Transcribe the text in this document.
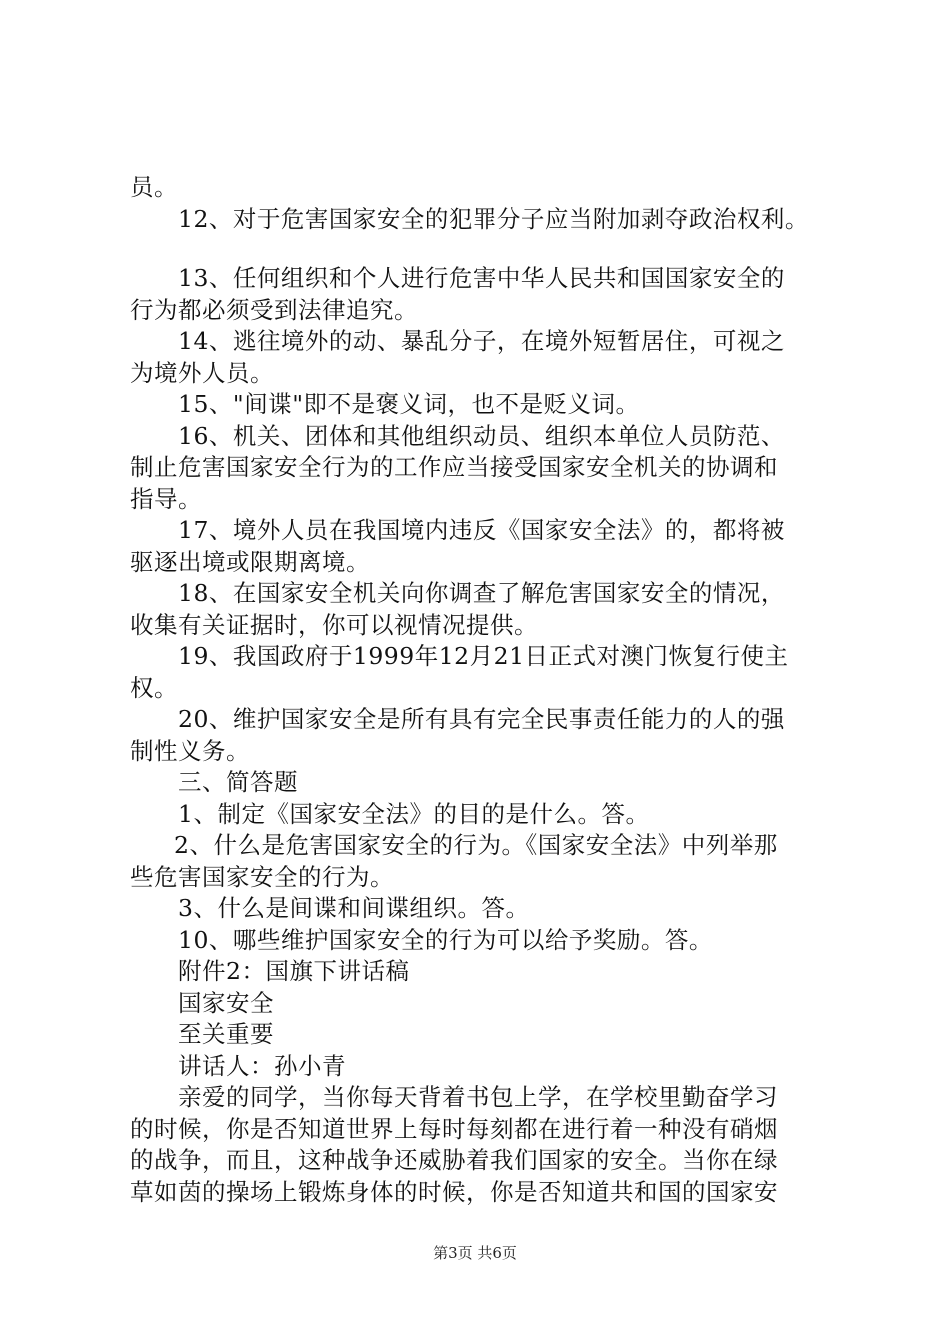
员。
12、对于危害国家安全的犯罪分子应当附加剥夺政治权利。
13、任何组织和个人进行危害中华人民共和国国家安全的
行为都必须受到法律追究。
14、逃往境外的动、暴乱分子，在境外短暂居住，可视之
为境外人员。
15、"间谍"即不是褒义词，也不是贬义词。
16、机关、团体和其他组织动员、组织本单位人员防范、
制止危害国家安全行为的工作应当接受国家安全机关的协调和
指导。
17、境外人员在我国境内违反《国家安全法》的，都将被
驱逐出境或限期离境。
18、在国家安全机关向你调查了解危害国家安全的情况，
收集有关证据时，你可以视情况提供。
19、我国政府于1999年12月21日正式对澳门恢复行使主
权。
20、维护国家安全是所有具有完全民事责任能力的人的强
制性义务。
三、简答题
1、制定《国家安全法》的目的是什么。答。
2、什么是危害国家安全的行为。《国家安全法》中列举那
些危害国家安全的行为。
3、什么是间谍和间谍组织。答。
10、哪些维护国家安全的行为可以给予奖励。答。
附件2：国旗下讲话稿
国家安全
至关重要
讲话人：孙小青
亲爱的同学，当你每天背着书包上学，在学校里勤奋学习
的时候，你是否知道世界上每时每刻都在进行着一种没有硝烟
的战争，而且，这种战争还威胁着我们国家的安全。当你在绿
草如茵的操场上锻炼身体的时候，你是否知道共和国的国家安
第3页 共6页
